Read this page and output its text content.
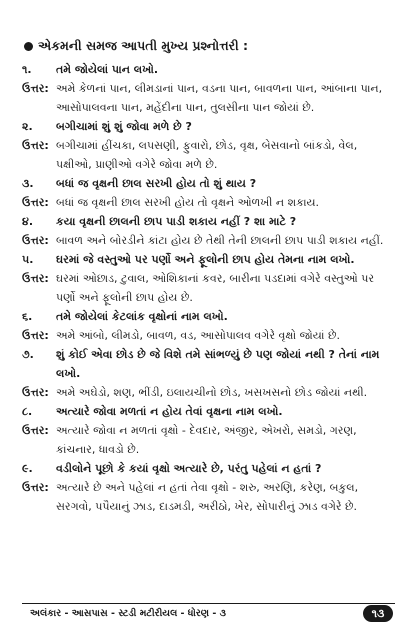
એકમની સમજ આપતી મુખ્ય પ્રશ્નોત્તરી :
૧.	તમે જોયેલાં પાન લખો.
ઉત્તર: અમે કેળનાં પાન, લીમડાનાં પાન, વડના પાન, બાવળના પાન, આંબાના પાન, આસોપાલવના પાન, મહેંદીના પાન, તુલસીના પાન જોયાં છે.
૨.	બગીચામાં શું શું જોવા મળે છે ?
ઉત્તર: બગીચામાં હીંચકા, લપસણી, ફુવારો, છોડ, વૃક્ષ, બેસવાનો બાંકડો, વેલ, પક્ષીઓ, પ્રાણીઓ વગેરે જોવા મળે છે.
૩.	બધાં જ વૃક્ષની છાલ સરખી હોય તો શું થાય ?
ઉત્તર: બધાં જ વૃક્ષની છાલ સરખી હોય તો વૃક્ષને ઓળખી ન શકાય.
૪.	કયા વૃક્ષની છાલની છાપ પાડી શકાય નહીં ? શા માટે ?
ઉત્તર: બાવળ અને બોરડીને કાંટા હોય છે તેથી તેની છાલની છાપ પાડી શકાય નહીં.
૫.	ઘરમાં જે વસ્તુઓ પર પર્ણો અને ફૂલોની છાપ હોય તેમના નામ લખો.
ઉત્તર: ઘરમાં ઓછાડ, ટુવાલ, ઓશિકાનાં કવર, બારીના પડદામાં વગેરે વસ્તુઓ પર પર્ણો અને ફૂલોની છાપ હોય છે.
૬.	તમે જોયેલાં કેટલાંક વૃક્ષોનાં નામ લખો.
ઉત્તર: અમે આંબો, લીમડો, બાવળ, વડ, આસોપાલવ વગેરે વૃક્ષો જોયાં છે.
૭.	શું કોઈ એવા છોડ છે જે વિશે તમે સાંભળ્યું છે પણ જોયાં નથી ? તેનાં નામ લખો.
ઉત્તર: અમે અઘેડો, શણ, ભીંડી, ઇલાયચીનો છોડ, ખસખસનો છોડ જોયાં નથી.
૮.	અત્યારે જોવા મળતાં ન હોય તેવાં વૃક્ષના નામ લખો.
ઉત્તર: અત્યારે જોવા ન મળતાં વૃક્ષો - દેવદાર, અંજીર, એખરો, સમડો, ગરણ, કાંચનાર, ધાવડો છે.
૯.	વડીલોને પૂછો કે કયાં વૃક્ષો અત્યારે છે, પરંતુ પહેલાં ન હતાં ?
ઉત્તર: અત્યારે છે અને પહેલાં ન હતાં તેવા વૃક્ષો - શરુ, અરણિ, કરેણ, બકુલ, સરગવો, પપૈયાનું ઝાડ, દાડમડી, અરીઠો, ખેર, સોપારીનું ઝાડ વગેરે છે.
અલંકાર - આસપાસ - સ્ટડી મટીરીયલ - ધોરણ - ૩	૧૩
